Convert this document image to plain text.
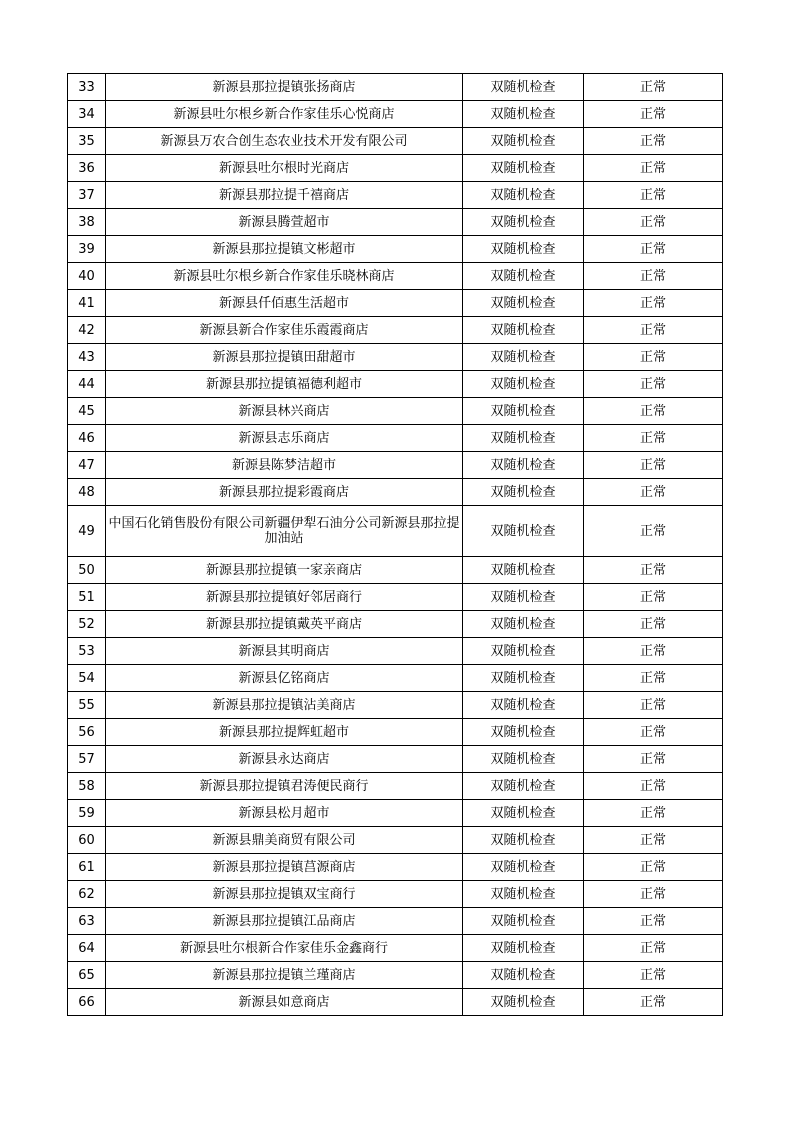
33	新源县那拉提镇张扬商店	双随机检查	正常
34	新源县吐尔根乡新合作家佳乐心悦商店	双随机检查	正常
35	新源县万农合创生态农业技术开发有限公司	双随机检查	正常
36	新源县吐尔根时光商店	双随机检查	正常
37	新源县那拉提千禧商店	双随机检查	正常
38	新源县腾萱超市	双随机检查	正常
39	新源县那拉提镇文彬超市	双随机检查	正常
40	新源县吐尔根乡新合作家佳乐晓林商店	双随机检查	正常
41	新源县仟佰惠生活超市	双随机检查	正常
42	新源县新合作家佳乐霞霞商店	双随机检查	正常
43	新源县那拉提镇田甜超市	双随机检查	正常
44	新源县那拉提镇福德利超市	双随机检查	正常
45	新源县林兴商店	双随机检查	正常
46	新源县志乐商店	双随机检查	正常
47	新源县陈梦洁超市	双随机检查	正常
48	新源县那拉提彩霞商店	双随机检查	正常
49	中国石化销售股份有限公司新疆伊犁石油分公司新源县那拉提加油站	双随机检查	正常
50	新源县那拉提镇一家亲商店	双随机检查	正常
51	新源县那拉提镇好邻居商行	双随机检查	正常
52	新源县那拉提镇戴英平商店	双随机检查	正常
53	新源县其明商店	双随机检查	正常
54	新源县亿铭商店	双随机检查	正常
55	新源县那拉提镇沾美商店	双随机检查	正常
56	新源县那拉提辉虹超市	双随机检查	正常
57	新源县永达商店	双随机检查	正常
58	新源县那拉提镇君涛便民商行	双随机检查	正常
59	新源县松月超市	双随机检查	正常
60	新源县鼎美商贸有限公司	双随机检查	正常
61	新源县那拉提镇莒源商店	双随机检查	正常
62	新源县那拉提镇双宝商行	双随机检查	正常
63	新源县那拉提镇江品商店	双随机检查	正常
64	新源县吐尔根新合作家佳乐金鑫商行	双随机检查	正常
65	新源县那拉提镇兰瑾商店	双随机检查	正常
66	新源县如意商店	双随机检查	正常
